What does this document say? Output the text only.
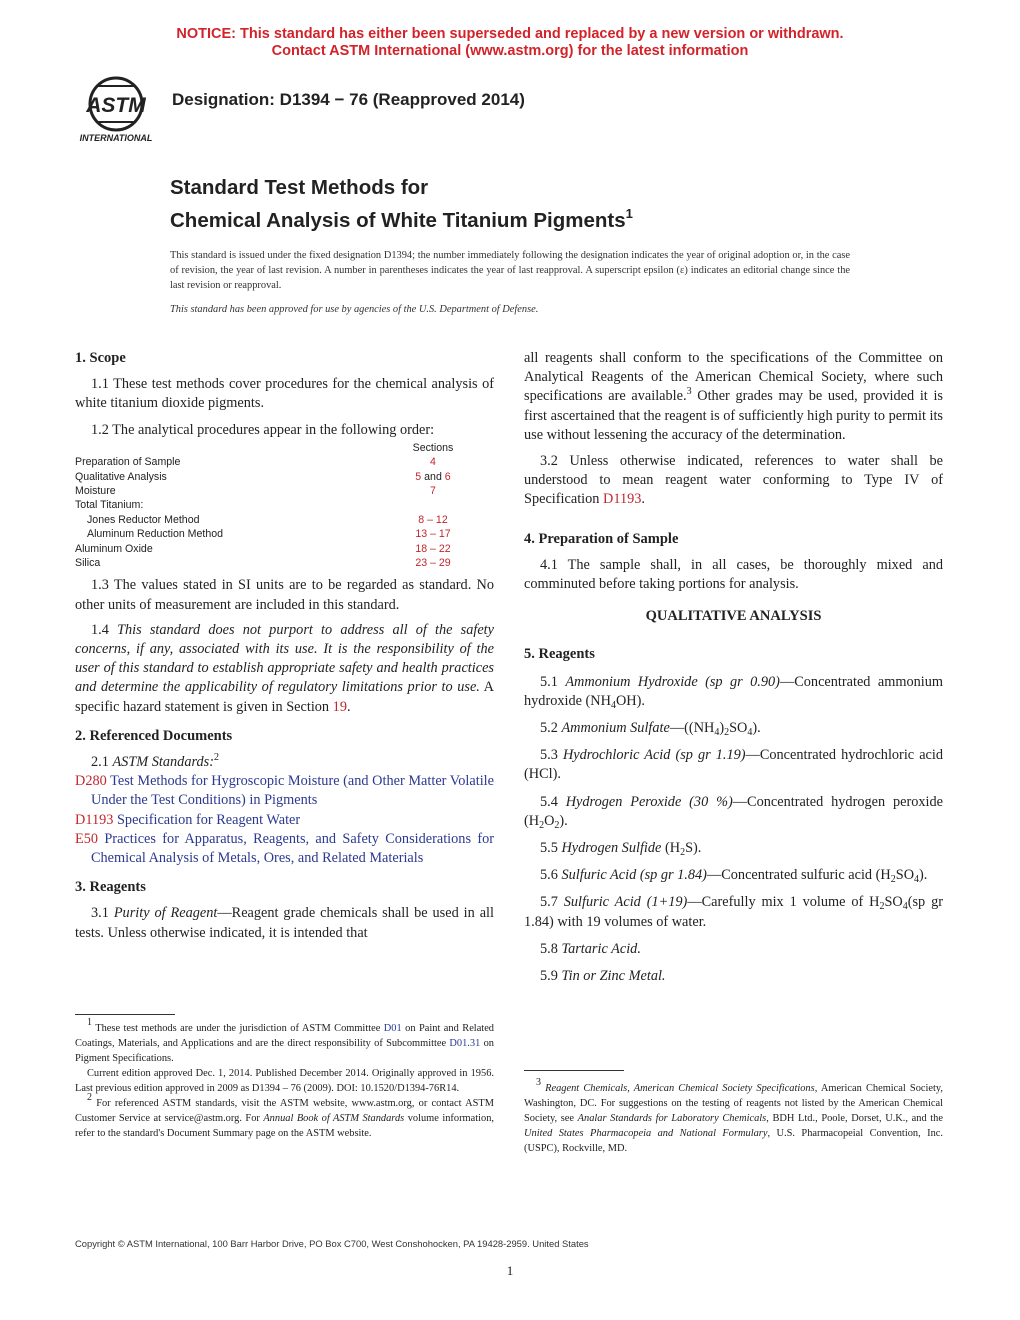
NOTICE: This standard has either been superseded and replaced by a new version or withdrawn.
Contact ASTM International (www.astm.org) for the latest information
ASTM
INTERNATIONAL
Designation: D1394 − 76 (Reapproved 2014)
Standard Test Methods for
Chemical Analysis of White Titanium Pigments$^1$
This standard is issued under the fixed designation D1394; the number immediately following the designation indicates the year of original adoption or, in the case of revision, the year of last revision. A number in parentheses indicates the year of last reapproval. A superscript epsilon (ε) indicates an editorial change since the last revision or reapproval.
This standard has been approved for use by agencies of the U.S. Department of Defense.

1. Scope

1.1 These test methods cover procedures for the chemical analysis of white titanium dioxide pigments.

1.2 The analytical procedures appear in the following order:

Sections
Preparation of Sample	4
Qualitative Analysis	5 and 6
Moisture	7
Total Titanium:
Jones Reductor Method	8 – 12
Aluminum Reduction Method	13 – 17
Aluminum Oxide	18 – 22
Silica	23 – 29

1.3 The values stated in SI units are to be regarded as standard. No other units of measurement are included in this standard.

1.4 This standard does not purport to address all of the safety concerns, if any, associated with its use. It is the responsibility of the user of this standard to establish appropriate safety and health practices and determine the applicability of regulatory limitations prior to use. A specific hazard statement is given in Section 19.

2. Referenced Documents

2.1 ASTM Standards:$^2$

D280 Test Methods for Hygroscopic Moisture (and Other Matter Volatile Under the Test Conditions) in Pigments

D1193 Specification for Reagent Water

E50 Practices for Apparatus, Reagents, and Safety Considerations for Chemical Analysis of Metals, Ores, and Related Materials

3. Reagents

3.1 Purity of Reagent—Reagent grade chemicals shall be used in all tests. Unless otherwise indicated, it is intended that

$^1$ These test methods are under the jurisdiction of ASTM Committee D01 on Paint and Related Coatings, Materials, and Applications and are the direct responsibility of Subcommittee D01.31 on Pigment Specifications.

Current edition approved Dec. 1, 2014. Published December 2014. Originally approved in 1956. Last previous edition approved in 2009 as D1394 – 76 (2009). DOI: 10.1520/D1394-76R14.

$^2$ For referenced ASTM standards, visit the ASTM website, www.astm.org, or contact ASTM Customer Service at service@astm.org. For Annual Book of ASTM Standards volume information, refer to the standard's Document Summary page on the ASTM website.

all reagents shall conform to the specifications of the Committee on Analytical Reagents of the American Chemical Society, where such specifications are available.$^3$ Other grades may be used, provided it is first ascertained that the reagent is of sufficiently high purity to permit its use without lessening the accuracy of the determination.

3.2 Unless otherwise indicated, references to water shall be understood to mean reagent water conforming to Type IV of Specification D1193.

4. Preparation of Sample

4.1 The sample shall, in all cases, be thoroughly mixed and comminuted before taking portions for analysis.

QUALITATIVE ANALYSIS

5. Reagents

5.1 Ammonium Hydroxide (sp gr 0.90)—Concentrated ammonium hydroxide $(NH_4OH)$.

5.2 Ammonium $Sulfate—((NH_4)_2SO_4)$.

5.3 Hydrochloric Acid (sp gr 1.19)—Concentrated hydrochloric acid (HCl).

5.4 Hydrogen Peroxide (30 %)—Concentrated hydrogen peroxide $(H_2O_2)$.

5.5 Hydrogen Sulfide $(H_2S)$.

5.6 Sulfuric Acid (sp gr 1.84)—Concentrated sulfuric acid $(H_2SO_4)$.

5.7 Sulfuric Acid (1+19)—Carefully mix 1 volume of $H_2SO_4(sp$ gr 1.84) with 19 volumes of water.

5.8 Tartaric Acid.

5.9 Tin or Zinc Metal.

$^3$ Reagent Chemicals, American Chemical Society Specifications, American Chemical Society, Washington, DC. For suggestions on the testing of reagents not listed by the American Chemical Society, see Analar Standards for Laboratory Chemicals, BDH Ltd., Poole, Dorset, U.K., and the United States Pharmacopeia and National Formulary, U.S. Pharmacopeial Convention, Inc. (USPC), Rockville, MD.

Copyright © ASTM International, 100 Barr Harbor Drive, PO Box C700, West Conshohocken, PA 19428-2959. United States
1
